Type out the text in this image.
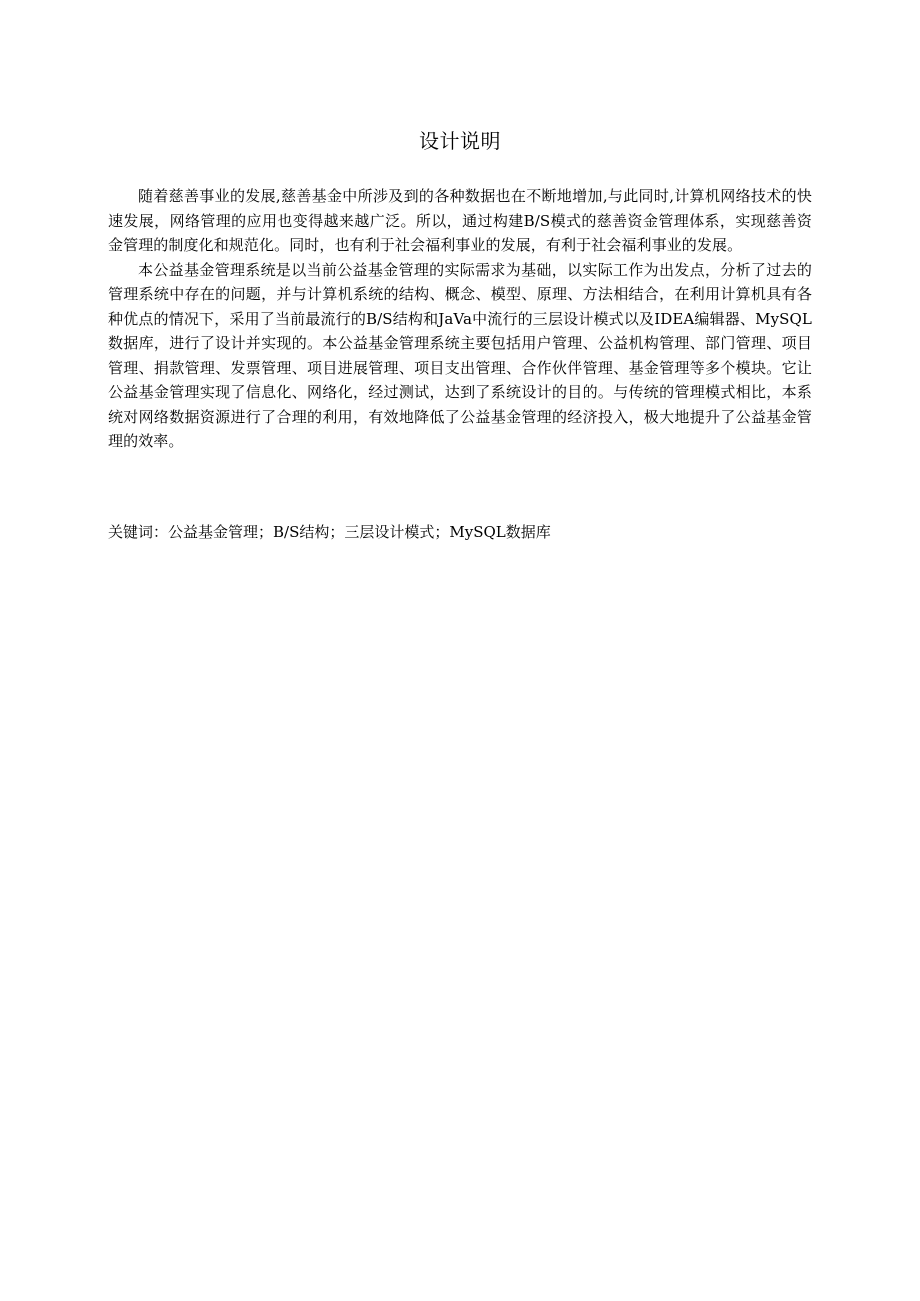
设计说明

随着慈善事业的发展,慈善基金中所涉及到的各种数据也在不断地增加,与此同时,计算机网络技术的快速发展，网络管理的应用也变得越来越广泛。所以，通过构建B/S模式的慈善资金管理体系，实现慈善资金管理的制度化和规范化。同时，也有利于社会福利事业的发展，有利于社会福利事业的发展。

本公益基金管理系统是以当前公益基金管理的实际需求为基础，以实际工作为出发点，分析了过去的管理系统中存在的问题，并与计算机系统的结构、概念、模型、原理、方法相结合，在利用计算机具有各种优点的情况下，采用了当前最流行的B/S结构和JaVa中流行的三层设计模式以及IDEA编辑器、MySQL数据库，进行了设计并实现的。本公益基金管理系统主要包括用户管理、公益机构管理、部门管理、项目管理、捐款管理、发票管理、项目进展管理、项目支出管理、合作伙伴管理、基金管理等多个模块。它让公益基金管理实现了信息化、网络化，经过测试，达到了系统设计的目的。与传统的管理模式相比，本系统对网络数据资源进行了合理的利用，有效地降低了公益基金管理的经济投入，极大地提升了公益基金管理的效率。

关键词：公益基金管理；B/S结构；三层设计模式；MySQL数据库
